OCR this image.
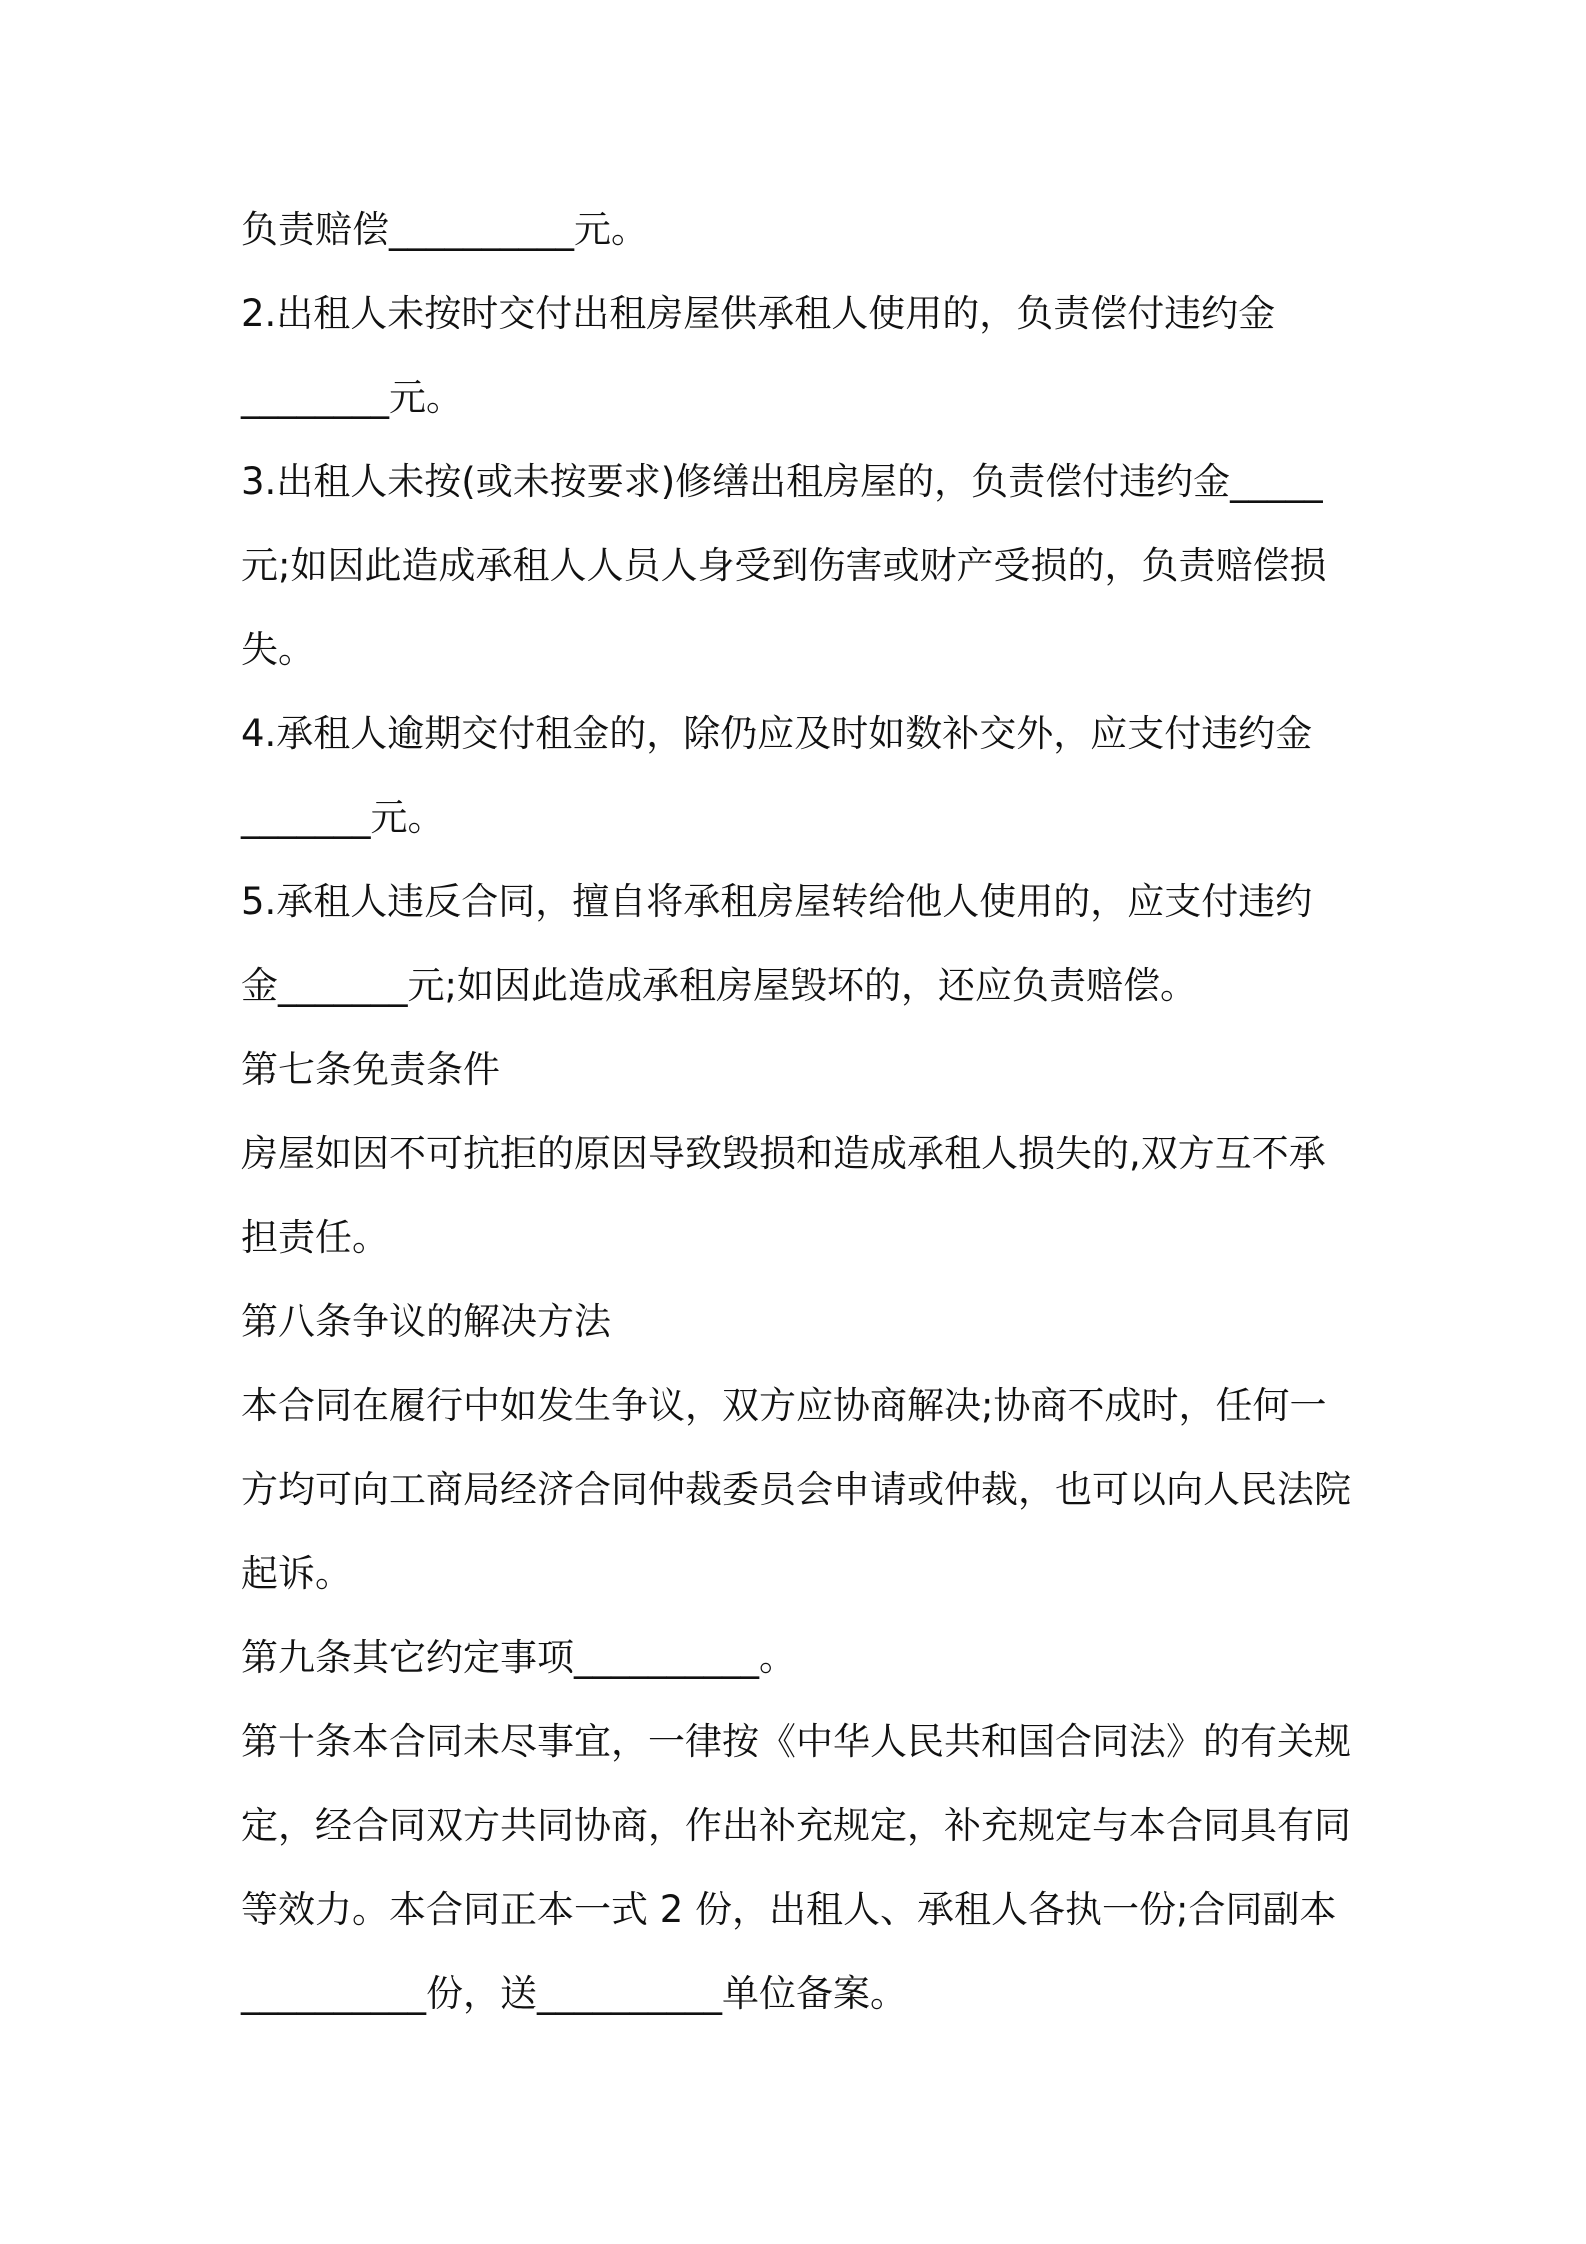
负责赔偿__________元。
2.出租人未按时交付出租房屋供承租人使用的，负责偿付违约金
________元。
3.出租人未按(或未按要求)修缮出租房屋的，负责偿付违约金_____
元;如因此造成承租人人员人身受到伤害或财产受损的，负责赔偿损
失。
4.承租人逾期交付租金的，除仍应及时如数补交外，应支付违约金
_______元。
5.承租人违反合同，擅自将承租房屋转给他人使用的，应支付违约
金_______元;如因此造成承租房屋毁坏的，还应负责赔偿。
第七条免责条件
房屋如因不可抗拒的原因导致毁损和造成承租人损失的,双方互不承
担责任。
第八条争议的解决方法
本合同在履行中如发生争议，双方应协商解决;协商不成时，任何一
方均可向工商局经济合同仲裁委员会申请或仲裁，也可以向人民法院
起诉。
第九条其它约定事项__________。
第十条本合同未尽事宜，一律按《中华人民共和国合同法》的有关规
定，经合同双方共同协商，作出补充规定，补充规定与本合同具有同
等效力。本合同正本一式 2 份，出租人、承租人各执一份;合同副本
__________份，送__________单位备案。
